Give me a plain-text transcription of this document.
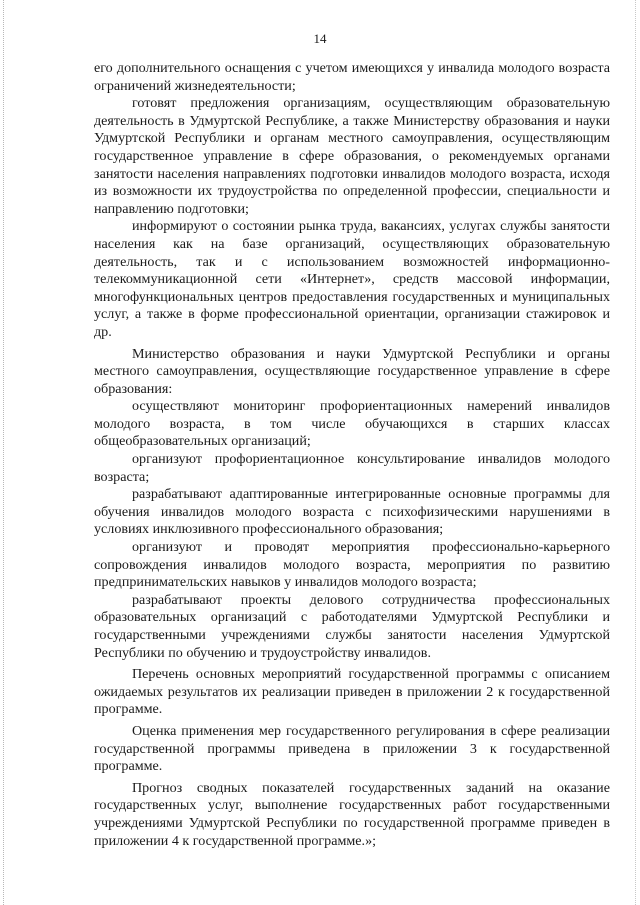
14

его дополнительного оснащения с учетом имеющихся у инвалида молодого возраста ограничений жизнедеятельности;

готовят предложения организациям, осуществляющим образовательную деятельность в Удмуртской Республике, а также Министерству образования и науки Удмуртской Республики и органам местного самоуправления, осуществляющим государственное управление в сфере образования, о рекомендуемых органами занятости населения направлениях подготовки инвалидов молодого возраста, исходя из возможности их трудоустройства по определенной профессии, специальности и направлению подготовки;

информируют о состоянии рынка труда, вакансиях, услугах службы занятости населения как на базе организаций, осуществляющих образовательную деятельность, так и с использованием возможностей информационно-телекоммуникационной сети «Интернет», средств массовой информации, многофункциональных центров предоставления государственных и муниципальных услуг, а также в форме профессиональной ориентации, организации стажировок и др.

Министерство образования и науки Удмуртской Республики и органы местного самоуправления, осуществляющие государственное управление в сфере образования:

осуществляют мониторинг профориентационных намерений инвалидов молодого возраста, в том числе обучающихся в старших классах общеобразовательных организаций;

организуют профориентационное консультирование инвалидов молодого возраста;

разрабатывают адаптированные интегрированные основные программы для обучения инвалидов молодого возраста с психофизическими нарушениями в условиях инклюзивного профессионального образования;

организуют и проводят мероприятия профессионально-карьерного сопровождения инвалидов молодого возраста, мероприятия по развитию предпринимательских навыков у инвалидов молодого возраста;

разрабатывают проекты делового сотрудничества профессиональных образовательных организаций с работодателями Удмуртской Республики и государственными учреждениями службы занятости населения Удмуртской Республики по обучению и трудоустройству инвалидов.

Перечень основных мероприятий государственной программы с описанием ожидаемых результатов их реализации приведен в приложении 2 к государственной программе.

Оценка применения мер государственного регулирования в сфере реализации государственной программы приведена в приложении 3 к государственной программе.

Прогноз сводных показателей государственных заданий на оказание государственных услуг, выполнение государственных работ государственными учреждениями Удмуртской Республики по государственной программе приведен в приложении 4 к государственной программе.»;
